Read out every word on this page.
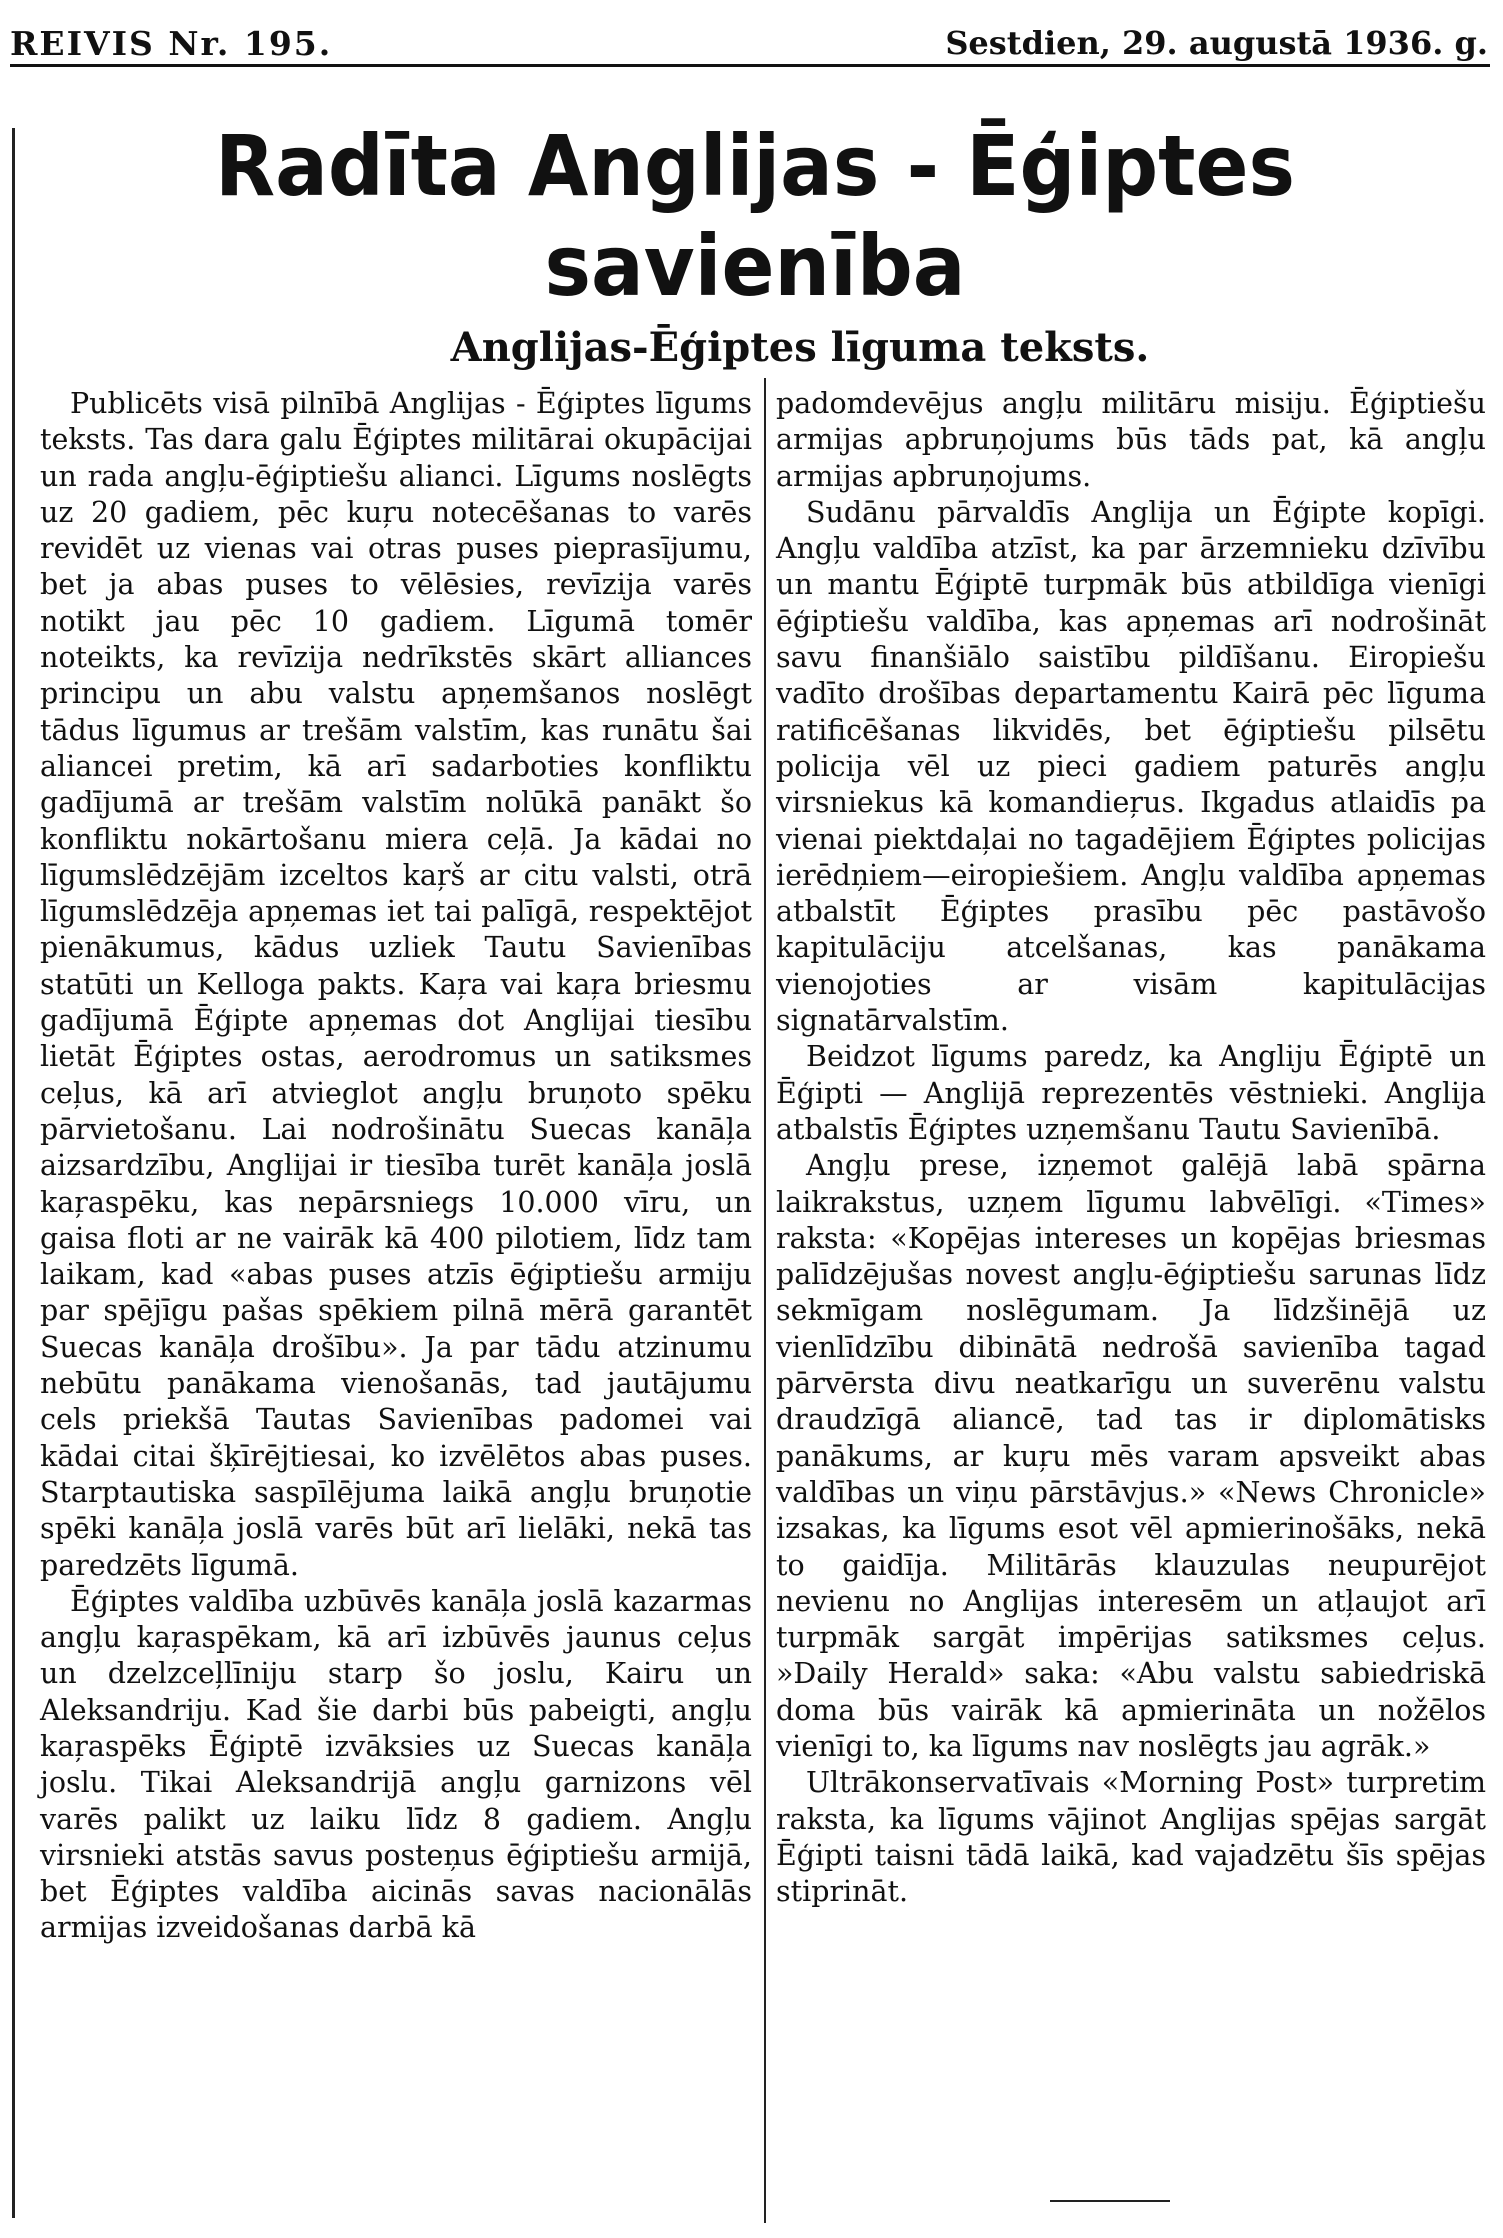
REIVIS Nr. 195.	Sestdien, 29. augustā 1936. g.
Radīta Anglijas - Ēģiptes
savienība
Anglijas-Ēģiptes līguma teksts.

Publicēts visā pilnībā Anglijas - Ēģiptes līgums teksts. Tas dara galu Ēģiptes militārai okupācijai un rada angļu-ēģiptiešu alianci. Līgums noslēgts uz 20 gadiem, pēc kuŗu notecēšanas to varēs revidēt uz vienas vai otras puses pieprasījumu, bet ja abas puses to vēlēsies, revīzija varēs notikt jau pēc 10 gadiem. Līgumā tomēr noteikts, ka revīzija nedrīkstēs skārt alliances principu un abu valstu apņemšanos noslēgt tādus līgumus ar trešām valstīm, kas runātu šai aliancei pretim, kā arī sadarboties konfliktu gadījumā ar trešām valstīm nolūkā panākt šo konfliktu nokārtošanu miera ceļā. Ja kādai no līgumslēdzējām izceltos kaŗš ar citu valsti, otrā līgumslēdzēja apņemas iet tai palīgā, respektējot pienākumus, kādus uzliek Tautu Savienības statūti un Kelloga pakts. Kaŗa vai kaŗa briesmu gadījumā Ēģipte apņemas dot Anglijai tiesību lietāt Ēģiptes ostas, aerodromus un satiksmes ceļus, kā arī atvieglot angļu bruņoto spēku pārvietošanu. Lai nodrošinātu Suecas kanāļa aizsardzību, Anglijai ir tiesība turēt kanāļa joslā kaŗaspēku, kas nepārsniegs 10.000 vīru, un gaisa floti ar ne vairāk kā 400 pilotiem, līdz tam laikam, kad «abas puses atzīs ēģiptiešu armiju par spējīgu pašas spēkiem pilnā mērā garantēt Suecas kanāļa drošību». Ja par tādu atzinumu nebūtu panākama vienošanās, tad jautājumu cels priekšā Tautas Savienības padomei vai kādai citai šķīrējtiesai, ko izvēlētos abas puses. Starptautiska saspīlējuma laikā angļu bruņotie spēki kanāļa joslā varēs būt arī lielāki, nekā tas paredzēts līgumā.

Ēģiptes valdība uzbūvēs kanāļa joslā kazarmas angļu kaŗaspēkam, kā arī izbūvēs jaunus ceļus un dzelzceļlīniju starp šo joslu, Kairu un Aleksandriju. Kad šie darbi būs pabeigti, angļu kaŗaspēks Ēģiptē izvāksies uz Suecas kanāļa joslu. Tikai Aleksandrijā angļu garnizons vēl varēs palikt uz laiku līdz 8 gadiem. Angļu virsnieki atstās savus posteņus ēģiptiešu armijā, bet Ēģiptes valdība aicinās savas nacionālās armijas izveidošanas darbā kā

padomdevējus angļu militāru misiju. Ēģiptiešu armijas apbruņojums būs tāds pat, kā angļu armijas apbruņojums.

Sudānu pārvaldīs Anglija un Ēģipte kopīgi. Angļu valdība atzīst, ka par ārzemnieku dzīvību un mantu Ēģiptē turpmāk būs atbildīga vienīgi ēģiptiešu valdība, kas apņemas arī nodrošināt savu finanšiālo saistību pildīšanu. Eiropiešu vadīto drošības departamentu Kairā pēc līguma ratificēšanas likvidēs, bet ēģiptiešu pilsētu policija vēl uz pieci gadiem paturēs angļu virsniekus kā komandieŗus. Ikgadus atlaidīs pa vienai piektdaļai no tagadējiem Ēģiptes policijas ierēdņiem—eiropiešiem. Angļu valdība apņemas atbalstīt Ēģiptes prasību pēc pastāvošo kapitulāciju atcelšanas, kas panākama vienojoties ar visām kapitulācijas signatārvalstīm.

Beidzot līgums paredz, ka Angliju Ēģiptē un Ēģipti — Anglijā reprezentēs vēstnieki. Anglija atbalstīs Ēģiptes uzņemšanu Tautu Savienībā.

Angļu prese, izņemot galējā labā spārna laikrakstus, uzņem līgumu labvēlīgi. «Times» raksta: «Kopējas intereses un kopējas briesmas palīdzējušas novest angļu-ēģiptiešu sarunas līdz sekmīgam noslēgumam. Ja līdzšinējā uz vienlīdzību dibinātā nedrošā savienība tagad pārvērsta divu neatkarīgu un suverēnu valstu draudzīgā aliancē, tad tas ir diplomātisks panākums, ar kuŗu mēs varam apsveikt abas valdības un viņu pārstāvjus.» «News Chronicle» izsakas, ka līgums esot vēl apmierinošāks, nekā to gaidīja. Militārās klauzulas neupurējot nevienu no Anglijas interesēm un atļaujot arī turpmāk sargāt impērijas satiksmes ceļus. »Daily Herald» saka: «Abu valstu sabiedriskā doma būs vairāk kā apmierināta un nožēlos vienīgi to, ka līgums nav noslēgts jau agrāk.»

Ultrākonservatīvais «Morning Post» turpretim raksta, ka līgums vājinot Anglijas spējas sargāt Ēģipti taisni tādā laikā, kad vajadzētu šīs spējas stiprināt.
